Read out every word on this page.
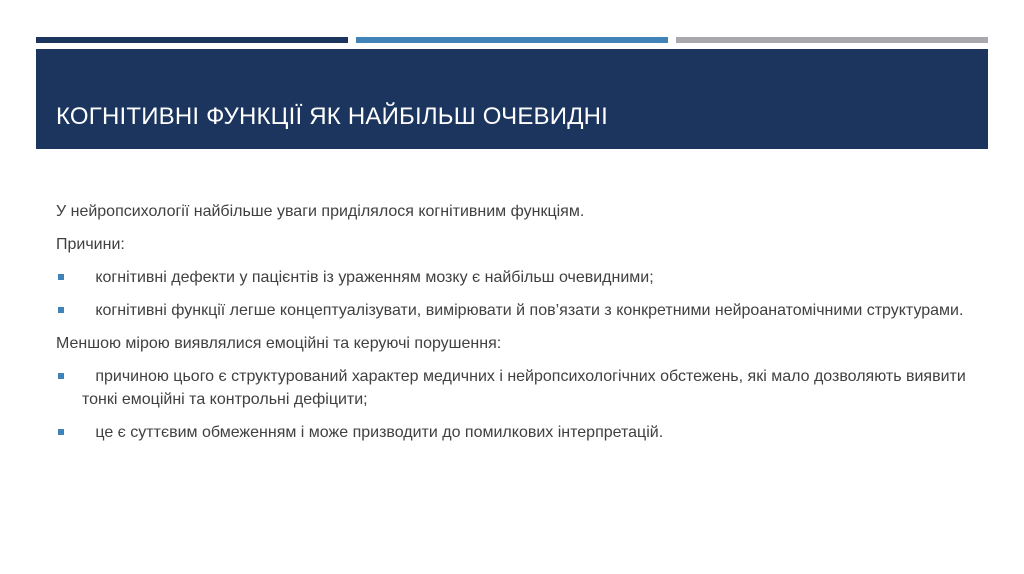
КОГНІТИВНІ ФУНКЦІЇ ЯК НАЙБІЛЬШ ОЧЕВИДНІ

У нейропсихології найбільше уваги приділялося когнітивним функціям.

Причини:

когнітивні дефекти у пацієнтів із ураженням мозку є найбільш очевидними;
когнітивні функції легше концептуалізувати, вимірювати й пов’язати з конкретними нейроанатомічними структурами.

Меншою мірою виявлялися емоційні та керуючі порушення:

причиною цього є структурований характер медичних і нейропсихологічних обстежень, які мало дозволяють виявити тонкі емоційні та контрольні дефіцити;
це є суттєвим обмеженням і може призводити до помилкових інтерпретацій.
